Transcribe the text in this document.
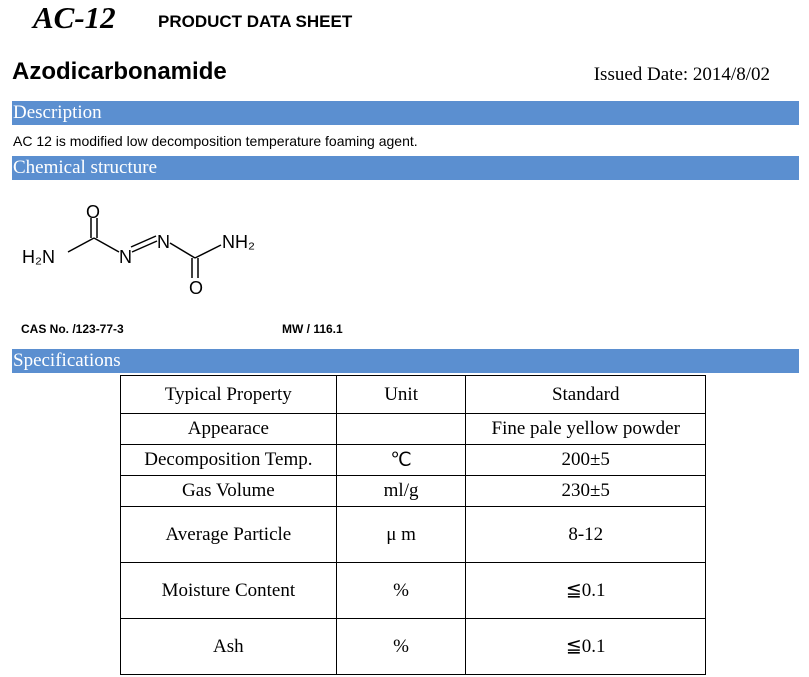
AC-12 PRODUCT DATA SHEET
Azodicarbonamide	Issued Date: 2014/8/02
Description
AC 12 is modified low decomposition temperature foaming agent.
Chemical structure
O
H₂N	N
N	NH₂
O
CAS No. /123-77-3	MW / 116.1
Specifications
Typical Property	Unit	Standard
Appearace		Fine pale yellow powder
Decomposition Temp.	℃	200±5
Gas Volume	ml/g	230±5
Average Particle	μ m	8-12
Moisture Content	%	≦0.1
Ash	%	≦0.1
